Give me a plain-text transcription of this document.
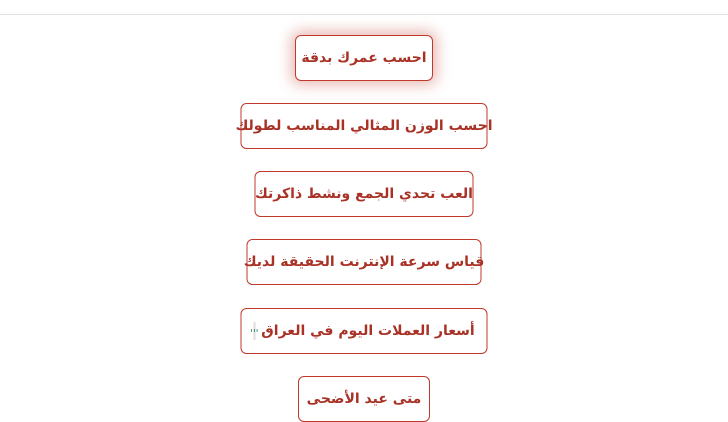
احسب عمرك بدقة
احسب الوزن المثالي المناسب لطولك
العب تحدي الجمع ونشط ذاكرتك
قياس سرعة الإنترنت الحقيقة لديك
أسعار العملات اليوم في العراق
ا ا ا
متى عيد الأضحى
